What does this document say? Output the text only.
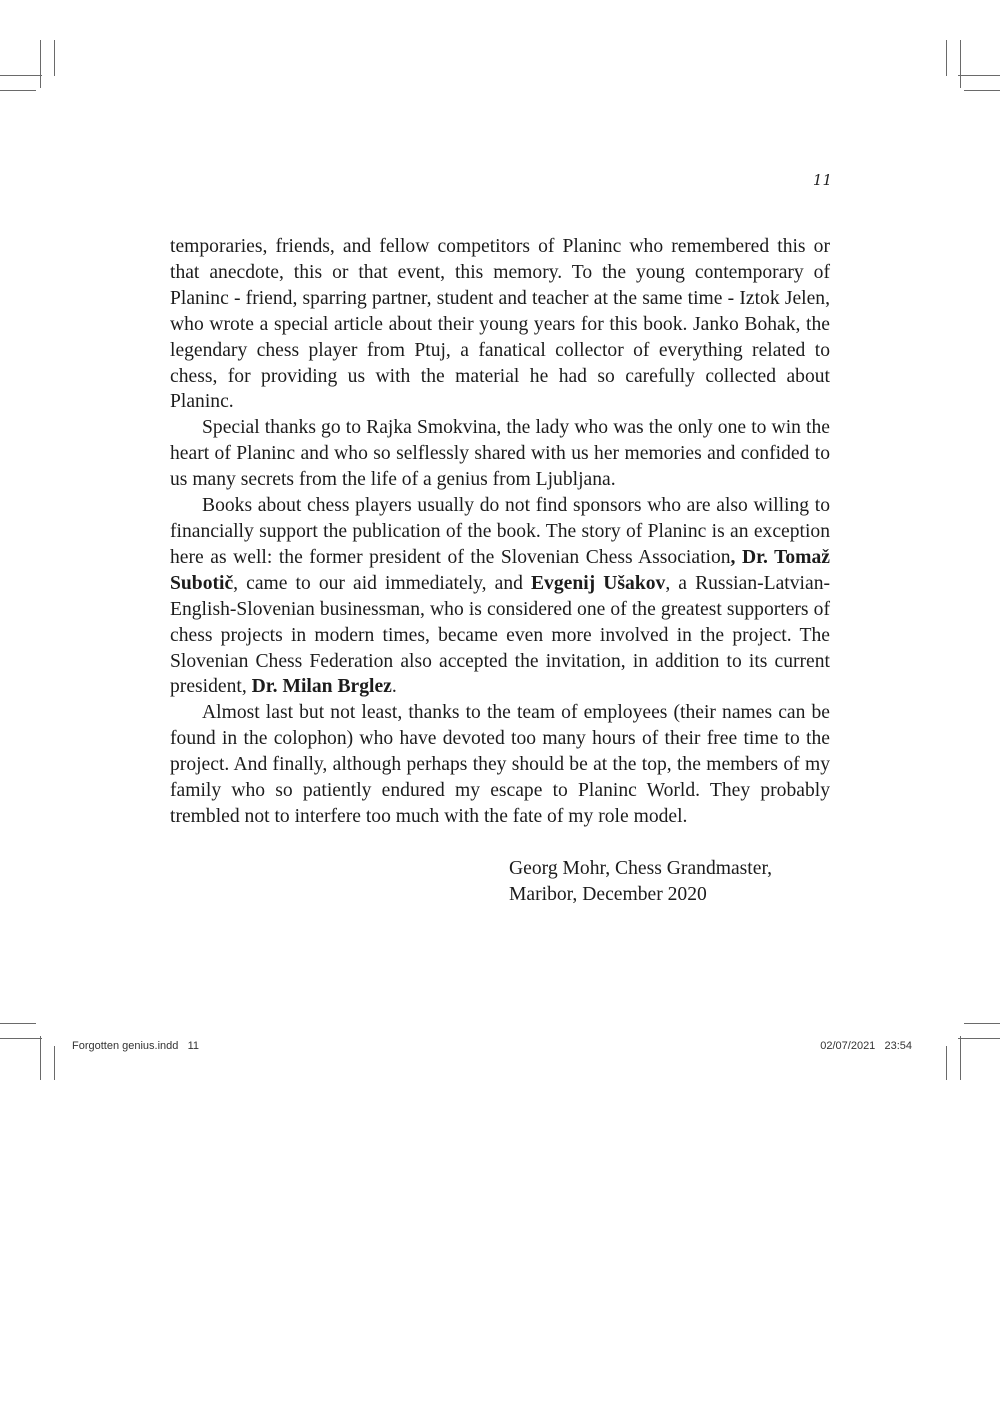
11

temporaries, friends, and fellow competitors of Planinc who remembered this or that anecdote, this or that event, this memory. To the young contemporary of Planinc - friend, sparring partner, student and teacher at the same time - Iztok Jelen, who wrote a special article about their young years for this book. Janko Bohak, the legendary chess player from Ptuj, a fanatical collector of everything related to chess, for providing us with the material he had so carefully collected about Planinc.

Special thanks go to Rajka Smokvina, the lady who was the only one to win the heart of Planinc and who so selflessly shared with us her memories and confided to us many secrets from the life of a genius from Ljubljana.

Books about chess players usually do not find sponsors who are also willing to financially support the publication of the book. The story of Planinc is an exception here as well: the former president of the Slovenian Chess Association, Dr. Tomaž Subotič, came to our aid immediately, and Evgenij Ušakov, a Russian-Latvian-English-Slovenian businessman, who is considered one of the greatest supporters of chess projects in modern times, became even more involved in the project. The Slovenian Chess Federation also accepted the invitation, in addition to its current president, Dr. Milan Brglez.

Almost last but not least, thanks to the team of employees (their names can be found in the colophon) who have devoted too many hours of their free time to the project. And finally, although perhaps they should be at the top, the members of my family who so patiently endured my escape to Planinc World. They probably trembled not to interfere too much with the fate of my role model.

Georg Mohr, Chess Grandmaster,
Maribor, December 2020
Forgotten genius.indd   11	02/07/2021   23:54
